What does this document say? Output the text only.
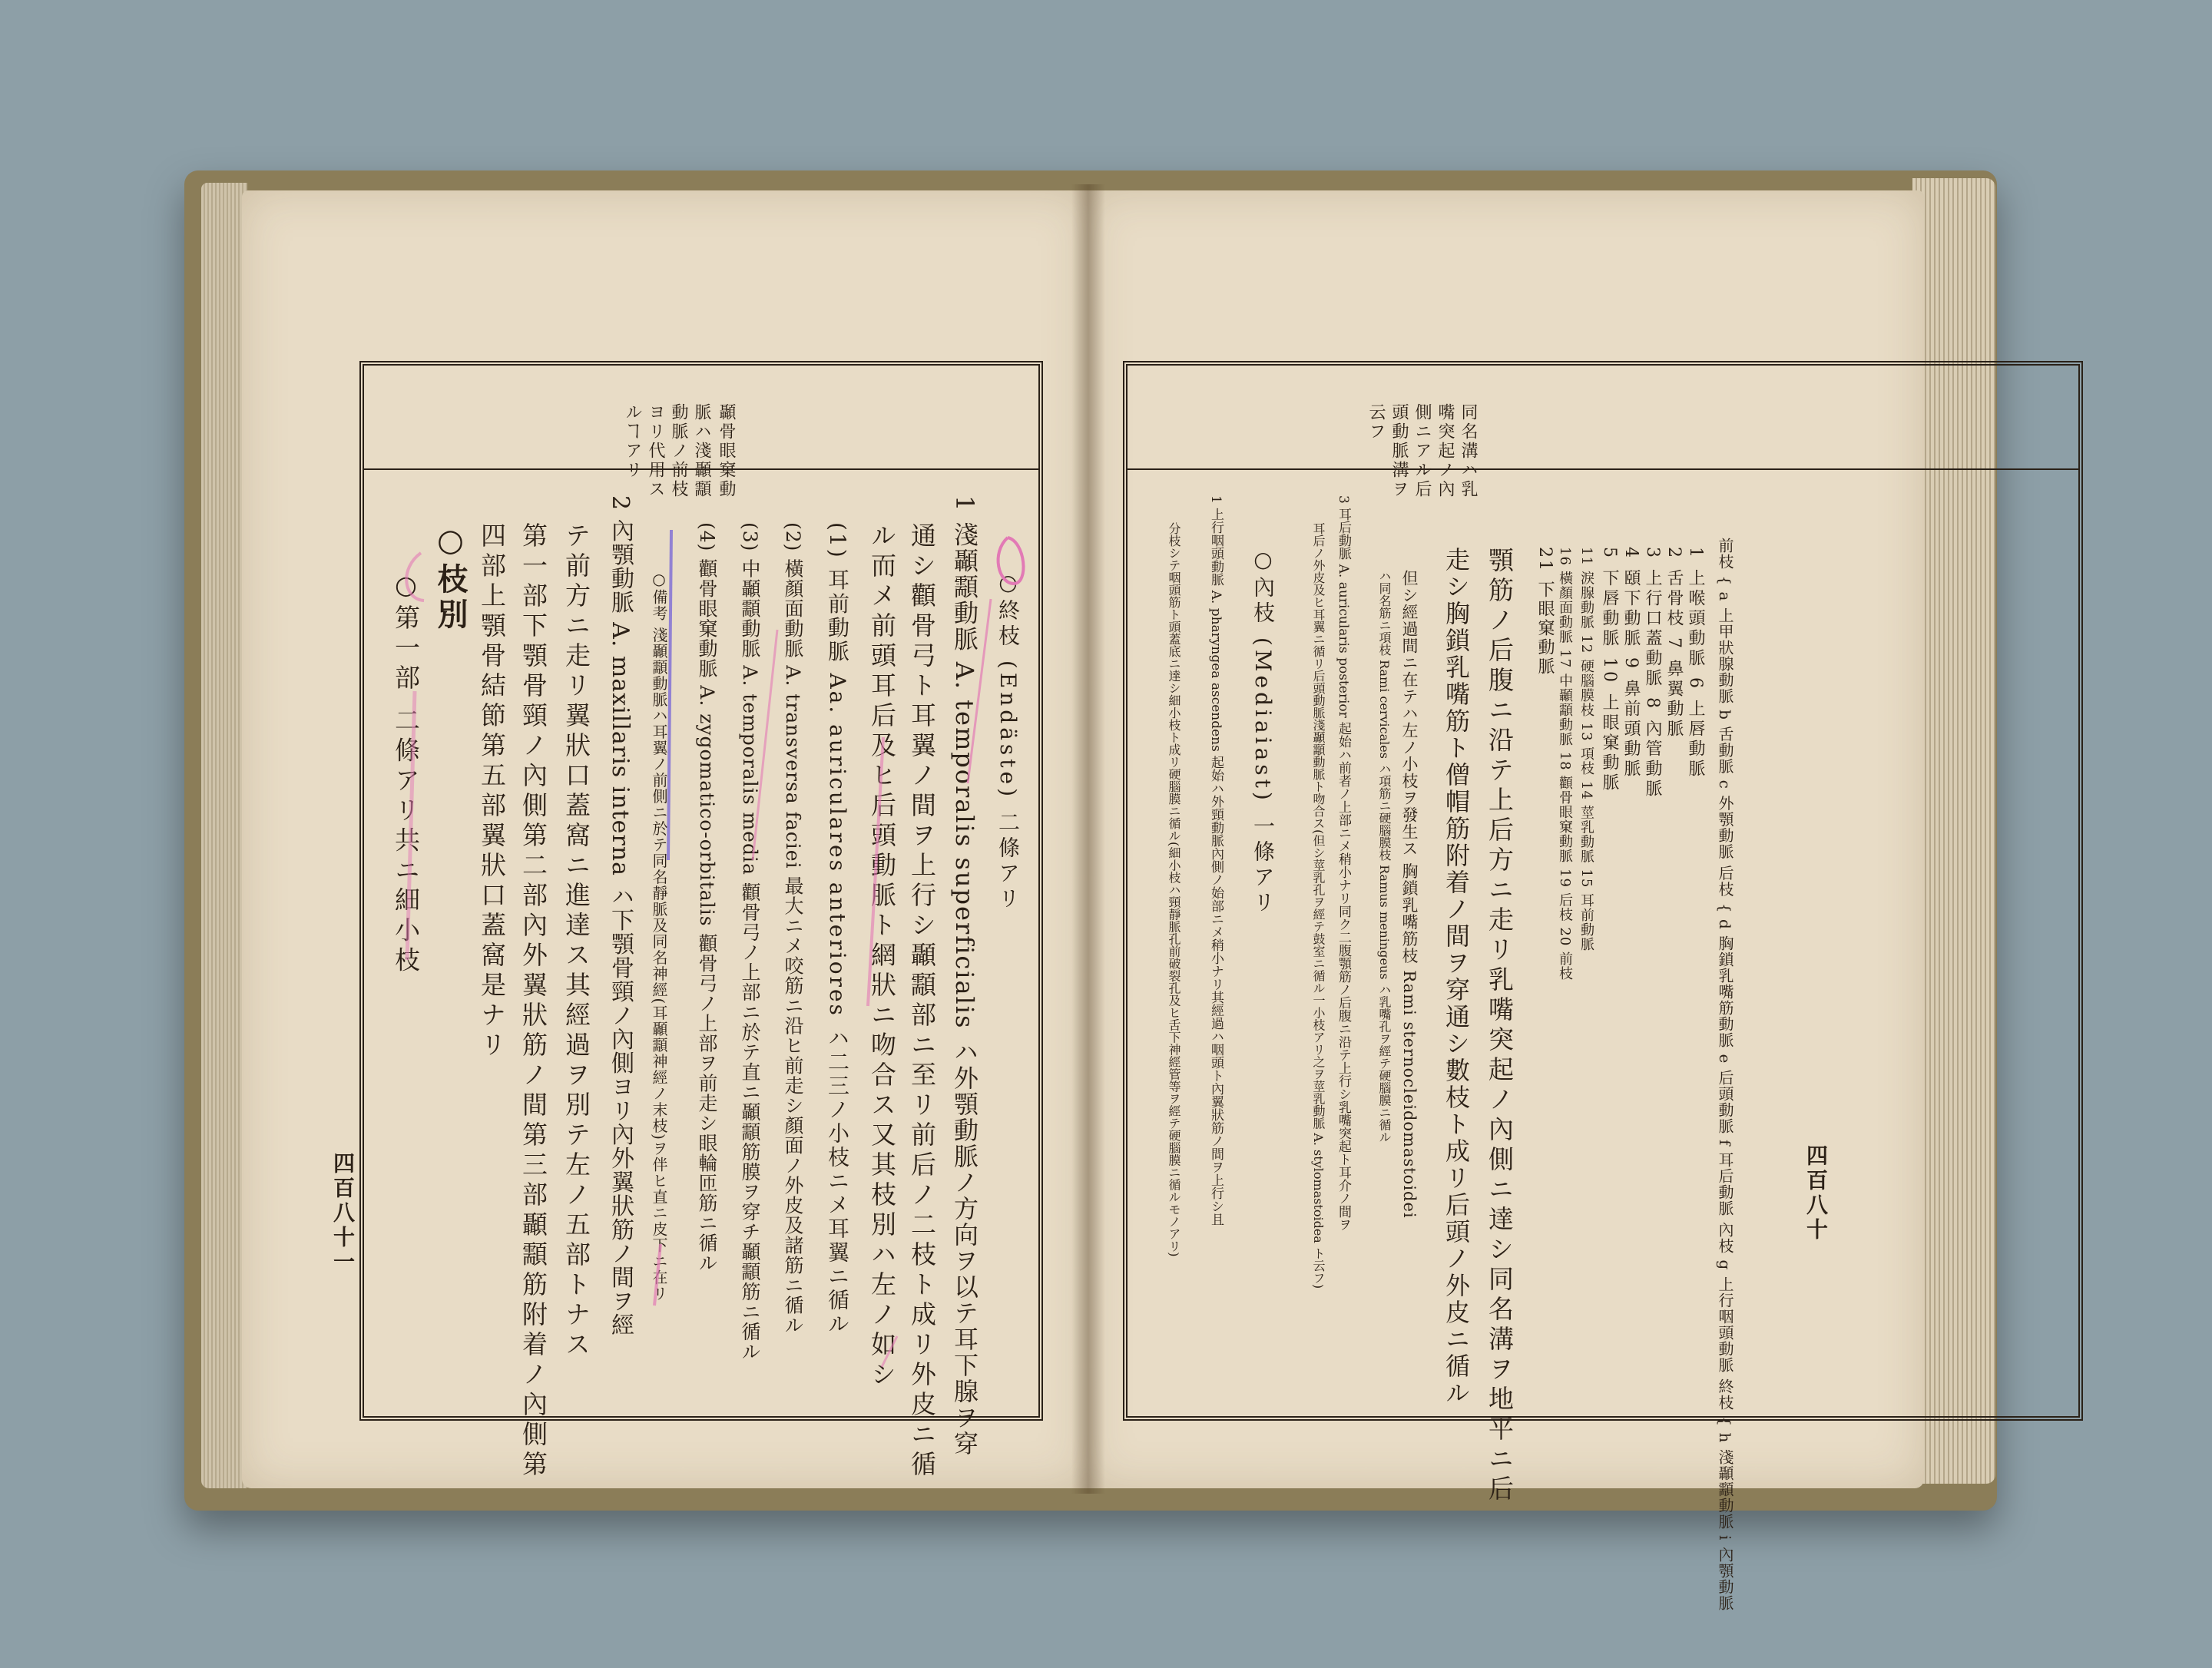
顳骨眼窠動
脈ハ淺顳顬
動脈ノ前枝
ヨリ代用ス
ルヿアリ
○終枝 (Endäste) 二條アリ
1 淺顳顬動脈 A. temporalis superficialis ハ外顎動脈ノ方向ヲ以テ耳下腺ヲ穿
通シ顴骨弓ト耳翼ノ間ヲ上行シ顳顬部ニ至リ前后ノ二枝ト成リ外皮ニ循
ル而メ前頭耳后及ヒ后頭動脈ト網狀ニ吻合ス又其枝別ハ左ノ如シ
(1) 耳前動脈 Aa. auriculares anteriores ハ二三ノ小枝ニメ耳翼ニ循ル
(2) 橫顏面動脈 A. transversa faciei 最大ニメ咬筋ニ沿ヒ前走シ顏面ノ外皮及諸筋ニ循ル
(3) 中顳顬動脈 A. temporalis media 顴骨弓ノ上部ニ於テ直ニ顳顬筋膜ヲ穿チ顳顬筋ニ循ル
(4) 顴骨眼窠動脈 A. zygomatico-orbitalis 顴骨弓ノ上部ヲ前走シ眼輪匝筋ニ循ル
○備考 淺顳顬動脈ハ耳翼ノ前側ニ於テ同名靜脈及同名神經(耳顳顬神經ノ末枝)ヲ伴ヒ直ニ皮下ニ在リ
2 內顎動脈 A. maxillaris interna ハ下顎骨頸ノ內側ヨリ內外翼狀筋ノ間ヲ經
テ前方ニ走リ翼狀口蓋窩ニ進達ス其經過ヲ別テ左ノ五部トナス
第一部下顎骨頸ノ內側第二部內外翼狀筋ノ間第三部顳顬筋附着ノ內側第
四部上顎骨結節第五部翼狀口蓋窩是ナリ
○枝別
○第一部 二條アリ共ニ細小枝
四百八十一
同名溝ハ乳
嘴突起ノ內
側ニアル后
頭動脈溝ヲ
云フ
前枝 { a 上甲狀腺動脈 b 舌動脈 c 外顎動脈 后枝 { d 胸鎖乳嘴筋動脈 e 后頭動脈 f 耳后動脈 內枝 g 上行咽頭動脈 終枝 { h 淺顳顬動脈 i 內顎動脈
1 上喉頭動脈 6 上唇動脈
2 舌骨枝 7 鼻翼動脈
3 上行口蓋動脈 8 內管動脈
4 頤下動脈 9 鼻前頭動脈
5 下唇動脈 10 上眼窠動脈
11 淚腺動脈 12 硬腦膜枝 13 項枝 14 莖乳動脈 15 耳前動脈
16 橫顏面動脈 17 中顳顬動脈 18 顴骨眼窠動脈 19 后枝 20 前枝
21 下眼窠動脈
顎筋ノ后腹ニ沿テ上后方ニ走リ乳嘴突起ノ內側ニ達シ同名溝ヲ地平ニ后
走シ胸鎖乳嘴筋ト僧帽筋附着ノ間ヲ穿通シ數枝ト成リ后頭ノ外皮ニ循ル
但シ經過間ニ在テハ左ノ小枝ヲ發生ス 胸鎖乳嘴筋枝 Rami sternocleidomastoidei
ハ同名筋ニ項枝 Rami cervicales ハ項筋ニ硬腦膜枝 Ramus meningeus ハ乳嘴孔ヲ經テ硬腦膜ニ循ル
3 耳后動脈 A. auricularis posterior 起始ハ前者ノ上部ニメ稍小ナリ同ク二腹顎筋ノ后腹ニ沿テ上行シ乳嘴突起ト耳介ノ間ヲ
耳后ノ外皮及ヒ耳翼ニ循リ后頭動脈淺顳顬動脈ト吻合ス(但シ莖乳孔ヲ經テ鼓室ニ循ル一小枝アリ之ヲ莖乳動脈 A. stylomastoidea ト云フ)
○內枝 (Mediaiast) 一條アリ
1 上行咽頭動脈 A. pharyngea ascendens 起始ハ外頸動脈內側ノ始部ニメ稍小ナリ其經過ハ咽頭ト內翼狀筋ノ間ヲ上行シ且
分枝シテ咽頭筋ト頭蓋底ニ達シ細小枝ト成リ硬腦膜ニ循ル(細小枝ハ頸靜脈孔前破裂孔及ヒ舌下神經管等ヲ經テ硬腦膜ニ循ルモノアリ)	四百八十
